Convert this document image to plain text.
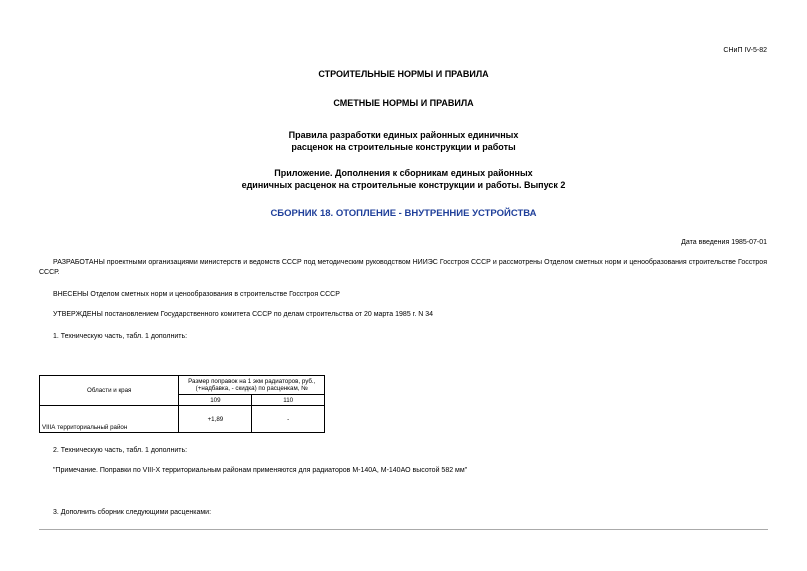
СНиП IV-5-82
СТРОИТЕЛЬНЫЕ НОРМЫ И ПРАВИЛА
СМЕТНЫЕ НОРМЫ И ПРАВИЛА
Правила разработки единых районных единичных
расценок на строительные конструкции и работы
Приложение. Дополнения к сборникам единых районных
единичных расценок на строительные конструкции и работы. Выпуск 2
СБОРНИК 18. ОТОПЛЕНИЕ - ВНУТРЕННИЕ УСТРОЙСТВА
Дата введения 1985-07-01
РАЗРАБОТАНЫ проектными организациями министерств и ведомств СССР под методическим руководством НИИЭС Госстроя СССР и рассмотрены Отделом сметных норм и ценообразования строительстве Госстроя СССР.
ВНЕСЕНЫ Отделом сметных норм и ценообразования в строительстве Госстроя СССР
УТВЕРЖДЕНЫ постановлением Государственного комитета СССР по делам строительства от 20 марта 1985 г. N 34
1. Техническую часть, табл. 1 дополнить:
Области и края	Размер поправок на 1 экм радиаторов, руб., (+надбавка, - скидка) по расценкам, №	
	109	110
VIIIА территориальный район	+1,89	-
2. Техническую часть, табл. 1 дополнить:
"Примечание. Поправки по VIII-X территориальным районам применяются для радиаторов М-140А, М-140АО высотой 582 мм"
3. Дополнить сборник следующими расценками:
